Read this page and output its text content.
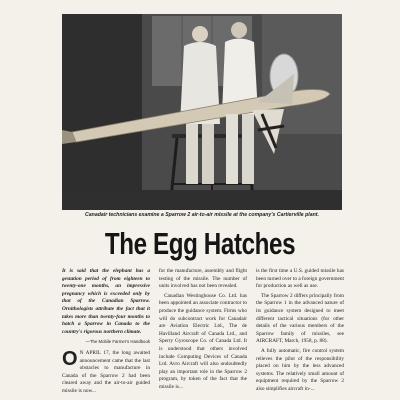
Canadair technicians examine a Sparrow 2 air-to-air missile at the company's Cartierville plant.
The Egg Hatches

It is said that the elephant has a gestation period of from eighteen to twenty-one months, an impressive pregnancy which is exceeded only by that of the Canadian Sparrow. Ornithologists attribute the fact that it takes more than twenty-four months to hatch a Sparrow in Canada to the country's rigorous northern climate.

—The Mobile Farmer's Handbook

O N APRIL 17, the long awaited announcement came that the last obstacles to manufacture in Canada of the Sparrow 2 had been cleared away and the air-to-air guided missile is now...

for the manufacture, assembly and flight testing of the missile. The number of units involved has not been revealed.

Canadian Westinghouse Co. Ltd. has been appointed an associate contractor to produce the guidance system. Firms who will do subcontract work for Canadair are Aviation Electric Ltd., The de Havilland Aircraft of Canada Ltd., and Sperry Gyroscope Co. of Canada Ltd. It is understood that others involved include Computing Devices of Canada Ltd. Avro Aircraft will also undoubtedly play an important role in the Sparrow 2 program, by token of the fact that the missile is...

is the first time a U.S. guided missile has been turned over to a foreign government for production as well as use.

The Sparrow 2 differs principally from the Sparrow 1 in the advanced nature of its guidance system designed to meet different tactical situations (for other details of the various members of the Sparrow family of missiles, see AIRCRAFT, March, 1958, p. 88).

A fully automatic, fire control system relieves the pilot of the responsibility placed on him by the less advanced systems. The relatively small amount of equipment required by the Sparrow 2 also simplifies aircraft in-...
